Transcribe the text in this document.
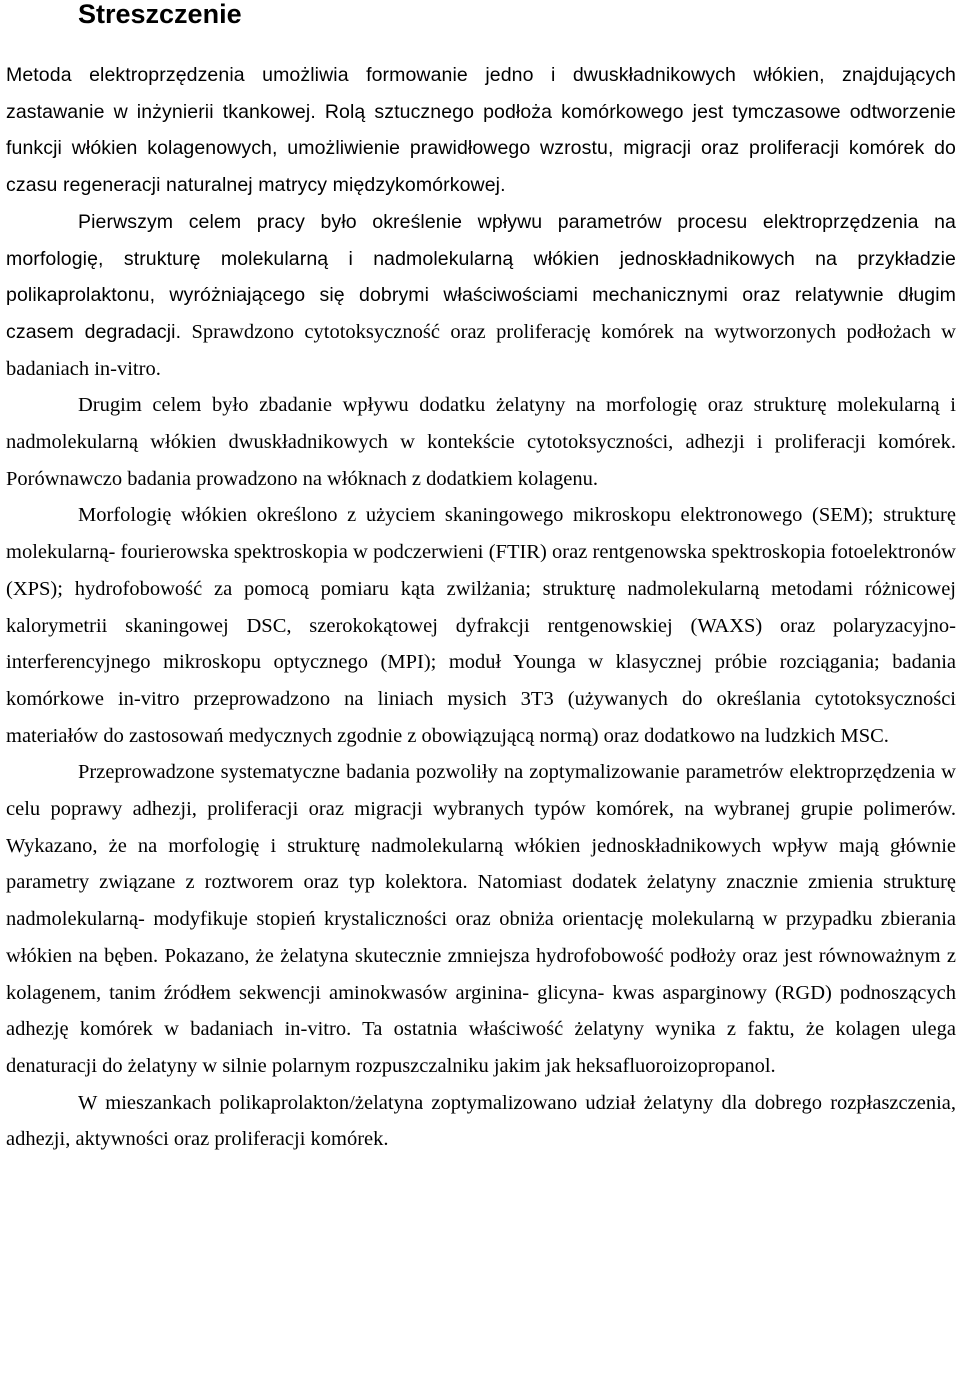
Streszczenie

Metoda elektroprzędzenia umożliwia formowanie jedno i dwuskładnikowych włókien, znajdujących zastawanie w inżynierii tkankowej. Rolą sztucznego podłoża komórkowego jest tymczasowe odtworzenie funkcji włókien kolagenowych, umożliwienie prawidłowego wzrostu, migracji oraz proliferacji komórek do czasu regeneracji naturalnej matrycy międzykomórkowej.

Pierwszym celem pracy było określenie wpływu parametrów procesu elektroprzędzenia na morfologię, strukturę molekularną i nadmolekularną włókien jednoskładnikowych na przykładzie polikaprolaktonu, wyróżniającego się dobrymi właściwościami mechanicznymi oraz relatywnie długim czasem degradacji.

Sprawdzono cytotoksyczność oraz proliferację komórek na wytworzonych podłożach w badaniach in-vitro.

Drugim celem było zbadanie wpływu dodatku żelatyny na morfologię oraz strukturę molekularną i nadmolekularną włókien dwuskładnikowych w kontekście cytotoksyczności, adhezji i proliferacji komórek. Porównawczo badania prowadzono na włóknach z dodatkiem kolagenu.

Morfologię włókien określono z użyciem skaningowego mikroskopu elektronowego (SEM); strukturę molekularną- fourierowska spektroskopia w podczerwieni (FTIR) oraz rentgenowska spektroskopia fotoelektronów (XPS); hydrofobowość za pomocą pomiaru kąta zwilżania; strukturę nadmolekularną metodami różnicowej kalorymetrii skaningowej DSC, szerokokątowej dyfrakcji rentgenowskiej (WAXS) oraz polaryzacyjno-interferencyjnego mikroskopu optycznego (MPI); moduł Younga w klasycznej próbie rozciągania; badania komórkowe in-vitro przeprowadzono na liniach mysich 3T3 (używanych do określania cytotoksyczności materiałów do zastosowań medycznych zgodnie z obowiązującą normą) oraz dodatkowo na ludzkich MSC.

Przeprowadzone systematyczne badania pozwoliły na zoptymalizowanie parametrów elektroprzędzenia w celu poprawy adhezji, proliferacji oraz migracji wybranych typów komórek, na wybranej grupie polimerów. Wykazano, że na morfologię i strukturę nadmolekularną włókien jednoskładnikowych wpływ mają głównie parametry związane z roztworem oraz typ kolektora. Natomiast dodatek żelatyny znacznie zmienia strukturę nadmolekularną- modyfikuje stopień krystaliczności oraz obniża orientację molekularną w przypadku zbierania włókien na bęben. Pokazano, że żelatyna skutecznie zmniejsza hydrofobowość podłoży oraz jest równoważnym z kolagenem, tanim źródłem sekwencji aminokwasów arginina- glicyna- kwas asparginowy (RGD) podnoszących adhezję komórek w badaniach in-vitro. Ta ostatnia właściwość żelatyny wynika z faktu, że kolagen ulega denaturacji do żelatyny w silnie polarnym rozpuszczalniku jakim jak heksafluoroizopropanol.

W mieszankach polikaprolakton/żelatyna zoptymalizowano udział żelatyny dla dobrego rozpłaszczenia, adhezji, aktywności oraz proliferacji komórek.
